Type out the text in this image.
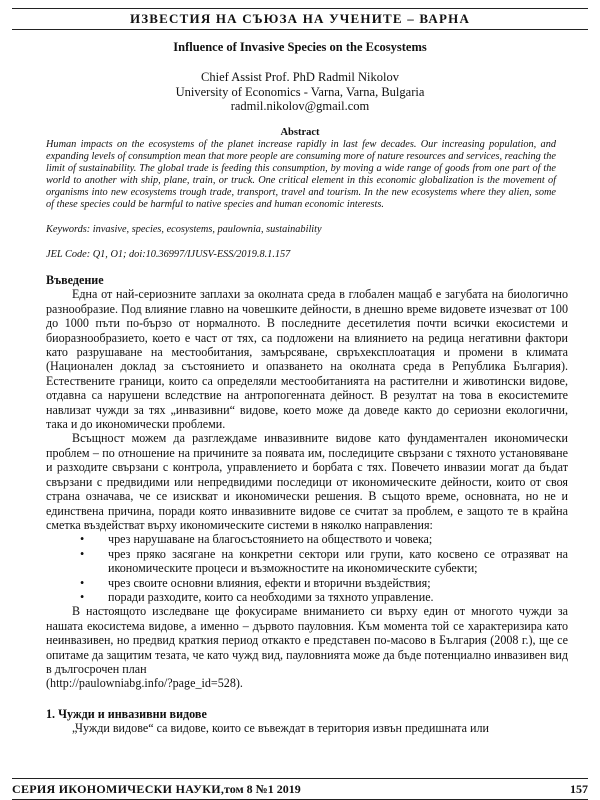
ИЗВЕСТИЯ НА СЪЮЗА НА УЧЕНИТЕ – ВАРНА
Influence of Invasive Species on the Ecosystems
Chief Assist Prof. PhD Radmil Nikolov
University of Economics - Varna, Varna, Bulgaria
radmil.nikolov@gmail.com
Abstract
Human impacts on the ecosystems of the planet increase rapidly in last few decades. Our increasing population, and expanding levels of consumption mean that more people are consuming more of nature resources and services, reaching the limit of sustainability. The global trade is feeding this consumption, by moving a wide range of goods from one part of the world to another with ship, plane, train, or truck. One critical element in this economic globalization is the movement of organisms into new ecosystems trough trade, transport, travel and tourism. In the new ecosystems where they alien, some of these species could be harmful to native species and human economic interests.
Keywords: invasive, species, ecosystems, paulownia, sustainability
JEL Code: Q1, O1; doi:10.36997/IJUSV-ESS/2019.8.1.157
Въведение

Една от най-сериозните заплахи за околната среда в глобален мащаб е загубата на биологично разнообразие. Под влияние главно на човешките дейности, в днешно време видовете изчезват от 100 до 1000 пъти по-бързо от нормалното. В последните десетилетия почти всички екосистеми и биоразнообразието, което е част от тях, са подложени на влиянието на редица негативни фактори като разрушаване на местообитания, замърсяване, свръхексплоатация и промени в климата (Национален доклад за състоянието и опазването на околната среда в Република България). Естествените граници, които са определяли местообитанията на растителни и животински видове, отдавна са нарушени вследствие на антропогенната дейност. В резултат на това в екосистемите навлизат чужди за тях „инвазивни“ видове, което може да доведе както до сериозни екологични, така и до икономически проблеми.

Всъщност можем да разглеждаме инвазивните видове като фундаментален икономически проблем – по отношение на причините за появата им, последиците свързани с тяхното установяване и разходите свързани с контрола, управлението и борбата с тях. Повечето инвазии могат да бъдат свързани с предвидими или непредвидими последици от икономическите дейности, които от своя страна означава, че се изискват и икономически решения. В същото време, основната, но не и единствена причина, поради която инвазивните видове се считат за проблем, е защото те в крайна сметка въздействат върху икономическите системи в няколко направления:

• чрез нарушаване на благосъстоянието на обществото и човека;
• чрез пряко засягане на конкретни сектори или групи, като косвено се отразяват на икономическите процеси и възможностите на икономическите субекти;
• чрез своите основни влияния, ефекти и вторични въздействия;
• поради разходите, които са необходими за тяхното управление.

В настоящото изследване ще фокусираме вниманието си върху един от многото чужди за нашата екосистема видове, а именно – дървото пауловния. Към момента той се характеризира като неинвазивен, но предвид краткия период откакто е представен по-масово в България (2008 г.), ще се опитаме да защитим тезата, че като чужд вид, пауловнията може да бъде потенциално инвазивен вид в дългосрочен план

(http://paulowniabg.info/?page_id=528).

1. Чужди и инвазивни видове

„Чужди видове“ са видове, които се въвеждат в територия извън предишната или

СЕРИЯ ИКОНОМИЧЕСКИ НАУКИ, том 8 №1 2019	157
